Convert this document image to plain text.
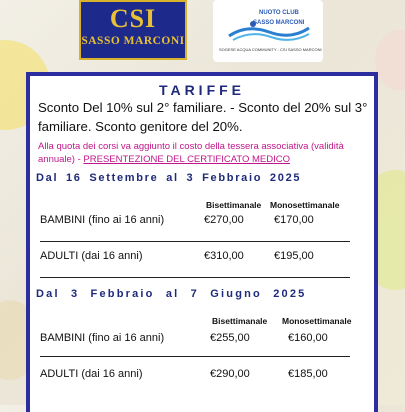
CSI
SASSO MARCONI
NUOTO CLUB
SASSO MARCONI
SOGESE ACQUA COMMUNITY - CSI SASSO MARCONI
TARIFFE
Sconto Del 10% sul 2° familiare. - Sconto del 20% sul 3° familiare. Sconto genitore del 20%.
Alla quota dei corsi va aggiunto il costo della tessera associativa (validità annuale) - PRESENTEZIONE DEL CERTIFICATO MEDICO
Dal 16 Settembre al 3 Febbraio 2025
Bisettimanale Monosettimanale
BAMBINI (fino ai 16 anni)	€270,00	€170,00
ADULTI (dai 16 anni)	€310,00	€195,00
Dal 3 Febbraio al 7 Giugno 2025
Bisettimanale Monosettimanale
BAMBINI (fino ai 16 anni)	€255,00	€160,00
ADULTI (dai 16 anni)	€290,00	€185,00
